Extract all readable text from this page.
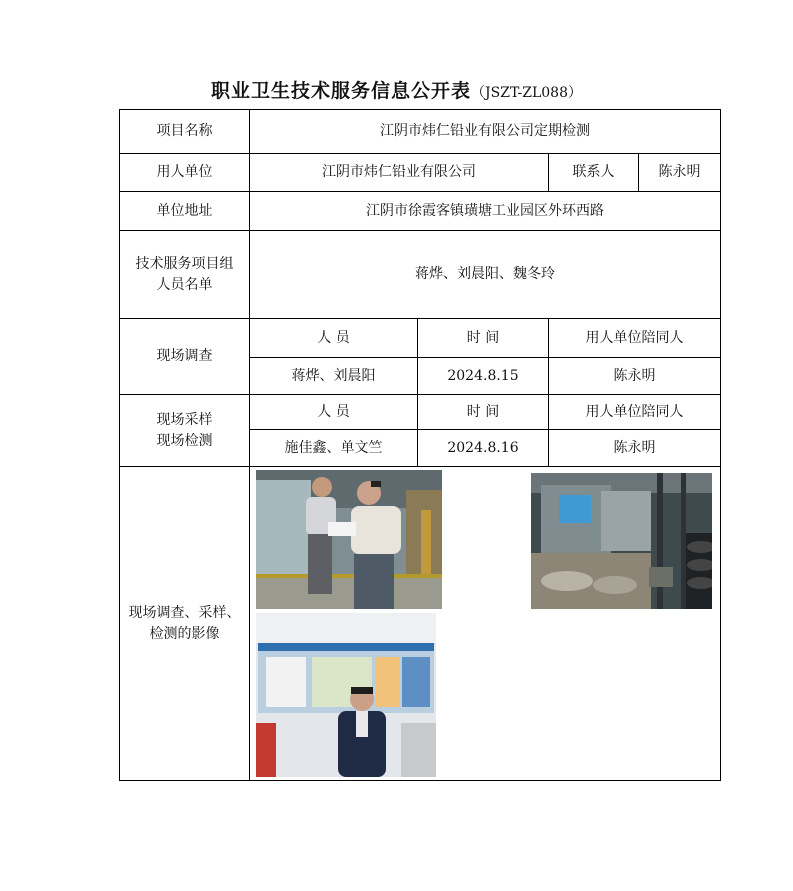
职业卫生技术服务信息公开表（JSZT-ZL088）
项目名称	江阴市炜仁铅业有限公司定期检测			
用人单位	江阴市炜仁铅业有限公司		联系人	陈永明
单位地址	江阴市徐霞客镇璜塘工业园区外环西路			

技术服务项目组
人员名单	蒋烨、刘晨阳、魏冬玲			
现场调查	人 员	时 间	用人单位陪同人	
	蒋烨、刘晨阳	2024.8.15	陈永明	

现场采样
现场检测	人 员	时 间	用人单位陪同人	
	施佳鑫、单文竺	2024.8.16	陈永明	

现场调查、采样、
检测的影像
